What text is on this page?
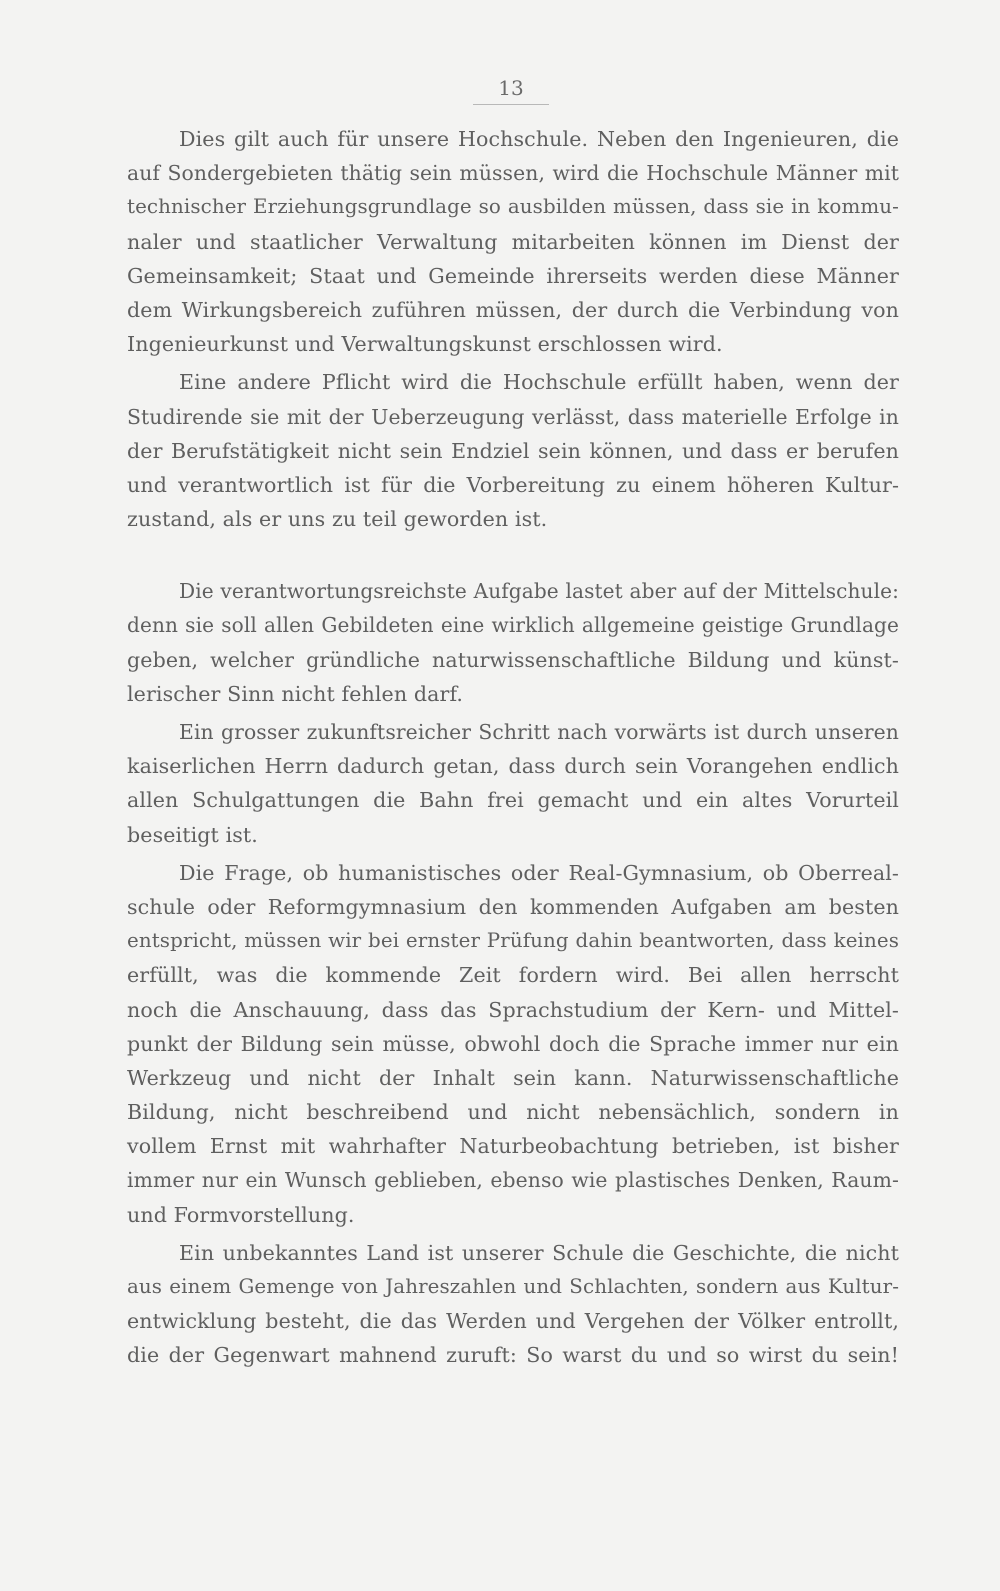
13

Dies gilt auch für unsere Hochschule. Neben den Ingenieuren, die
auf Sondergebieten thätig sein müssen, wird die Hochschule Männer mit
technischer Erziehungsgrundlage so ausbilden müssen, dass sie in kommu-
naler und staatlicher Verwaltung mitarbeiten können im Dienst der
Gemeinsamkeit; Staat und Gemeinde ihrerseits werden diese Männer
dem Wirkungsbereich zuführen müssen, der durch die Verbindung von
Ingenieurkunst und Verwaltungskunst erschlossen wird.

Eine andere Pflicht wird die Hochschule erfüllt haben, wenn der
Studirende sie mit der Ueberzeugung verlässt, dass materielle Erfolge in
der Berufstätigkeit nicht sein Endziel sein können, und dass er berufen
und verantwortlich ist für die Vorbereitung zu einem höheren Kultur-
zustand, als er uns zu teil geworden ist.

Die verantwortungsreichste Aufgabe lastet aber auf der Mittelschule:
denn sie soll allen Gebildeten eine wirklich allgemeine geistige Grundlage
geben, welcher gründliche naturwissenschaftliche Bildung und künst-
lerischer Sinn nicht fehlen darf.

Ein grosser zukunftsreicher Schritt nach vorwärts ist durch unseren
kaiserlichen Herrn dadurch getan, dass durch sein Vorangehen endlich
allen Schulgattungen die Bahn frei gemacht und ein altes Vorurteil
beseitigt ist.

Die Frage, ob humanistisches oder Real-Gymnasium, ob Oberreal-
schule oder Reformgymnasium den kommenden Aufgaben am besten
entspricht, müssen wir bei ernster Prüfung dahin beantworten, dass keines
erfüllt, was die kommende Zeit fordern wird. Bei allen herrscht
noch die Anschauung, dass das Sprachstudium der Kern- und Mittel-
punkt der Bildung sein müsse, obwohl doch die Sprache immer nur ein
Werkzeug und nicht der Inhalt sein kann. Naturwissenschaftliche
Bildung, nicht beschreibend und nicht nebensächlich, sondern in
vollem Ernst mit wahrhafter Naturbeobachtung betrieben, ist bisher
immer nur ein Wunsch geblieben, ebenso wie plastisches Denken, Raum-
und Formvorstellung.

Ein unbekanntes Land ist unserer Schule die Geschichte, die nicht
aus einem Gemenge von Jahreszahlen und Schlachten, sondern aus Kultur-
entwicklung besteht, die das Werden und Vergehen der Völker entrollt,
die der Gegenwart mahnend zuruft: So warst du und so wirst du sein!
